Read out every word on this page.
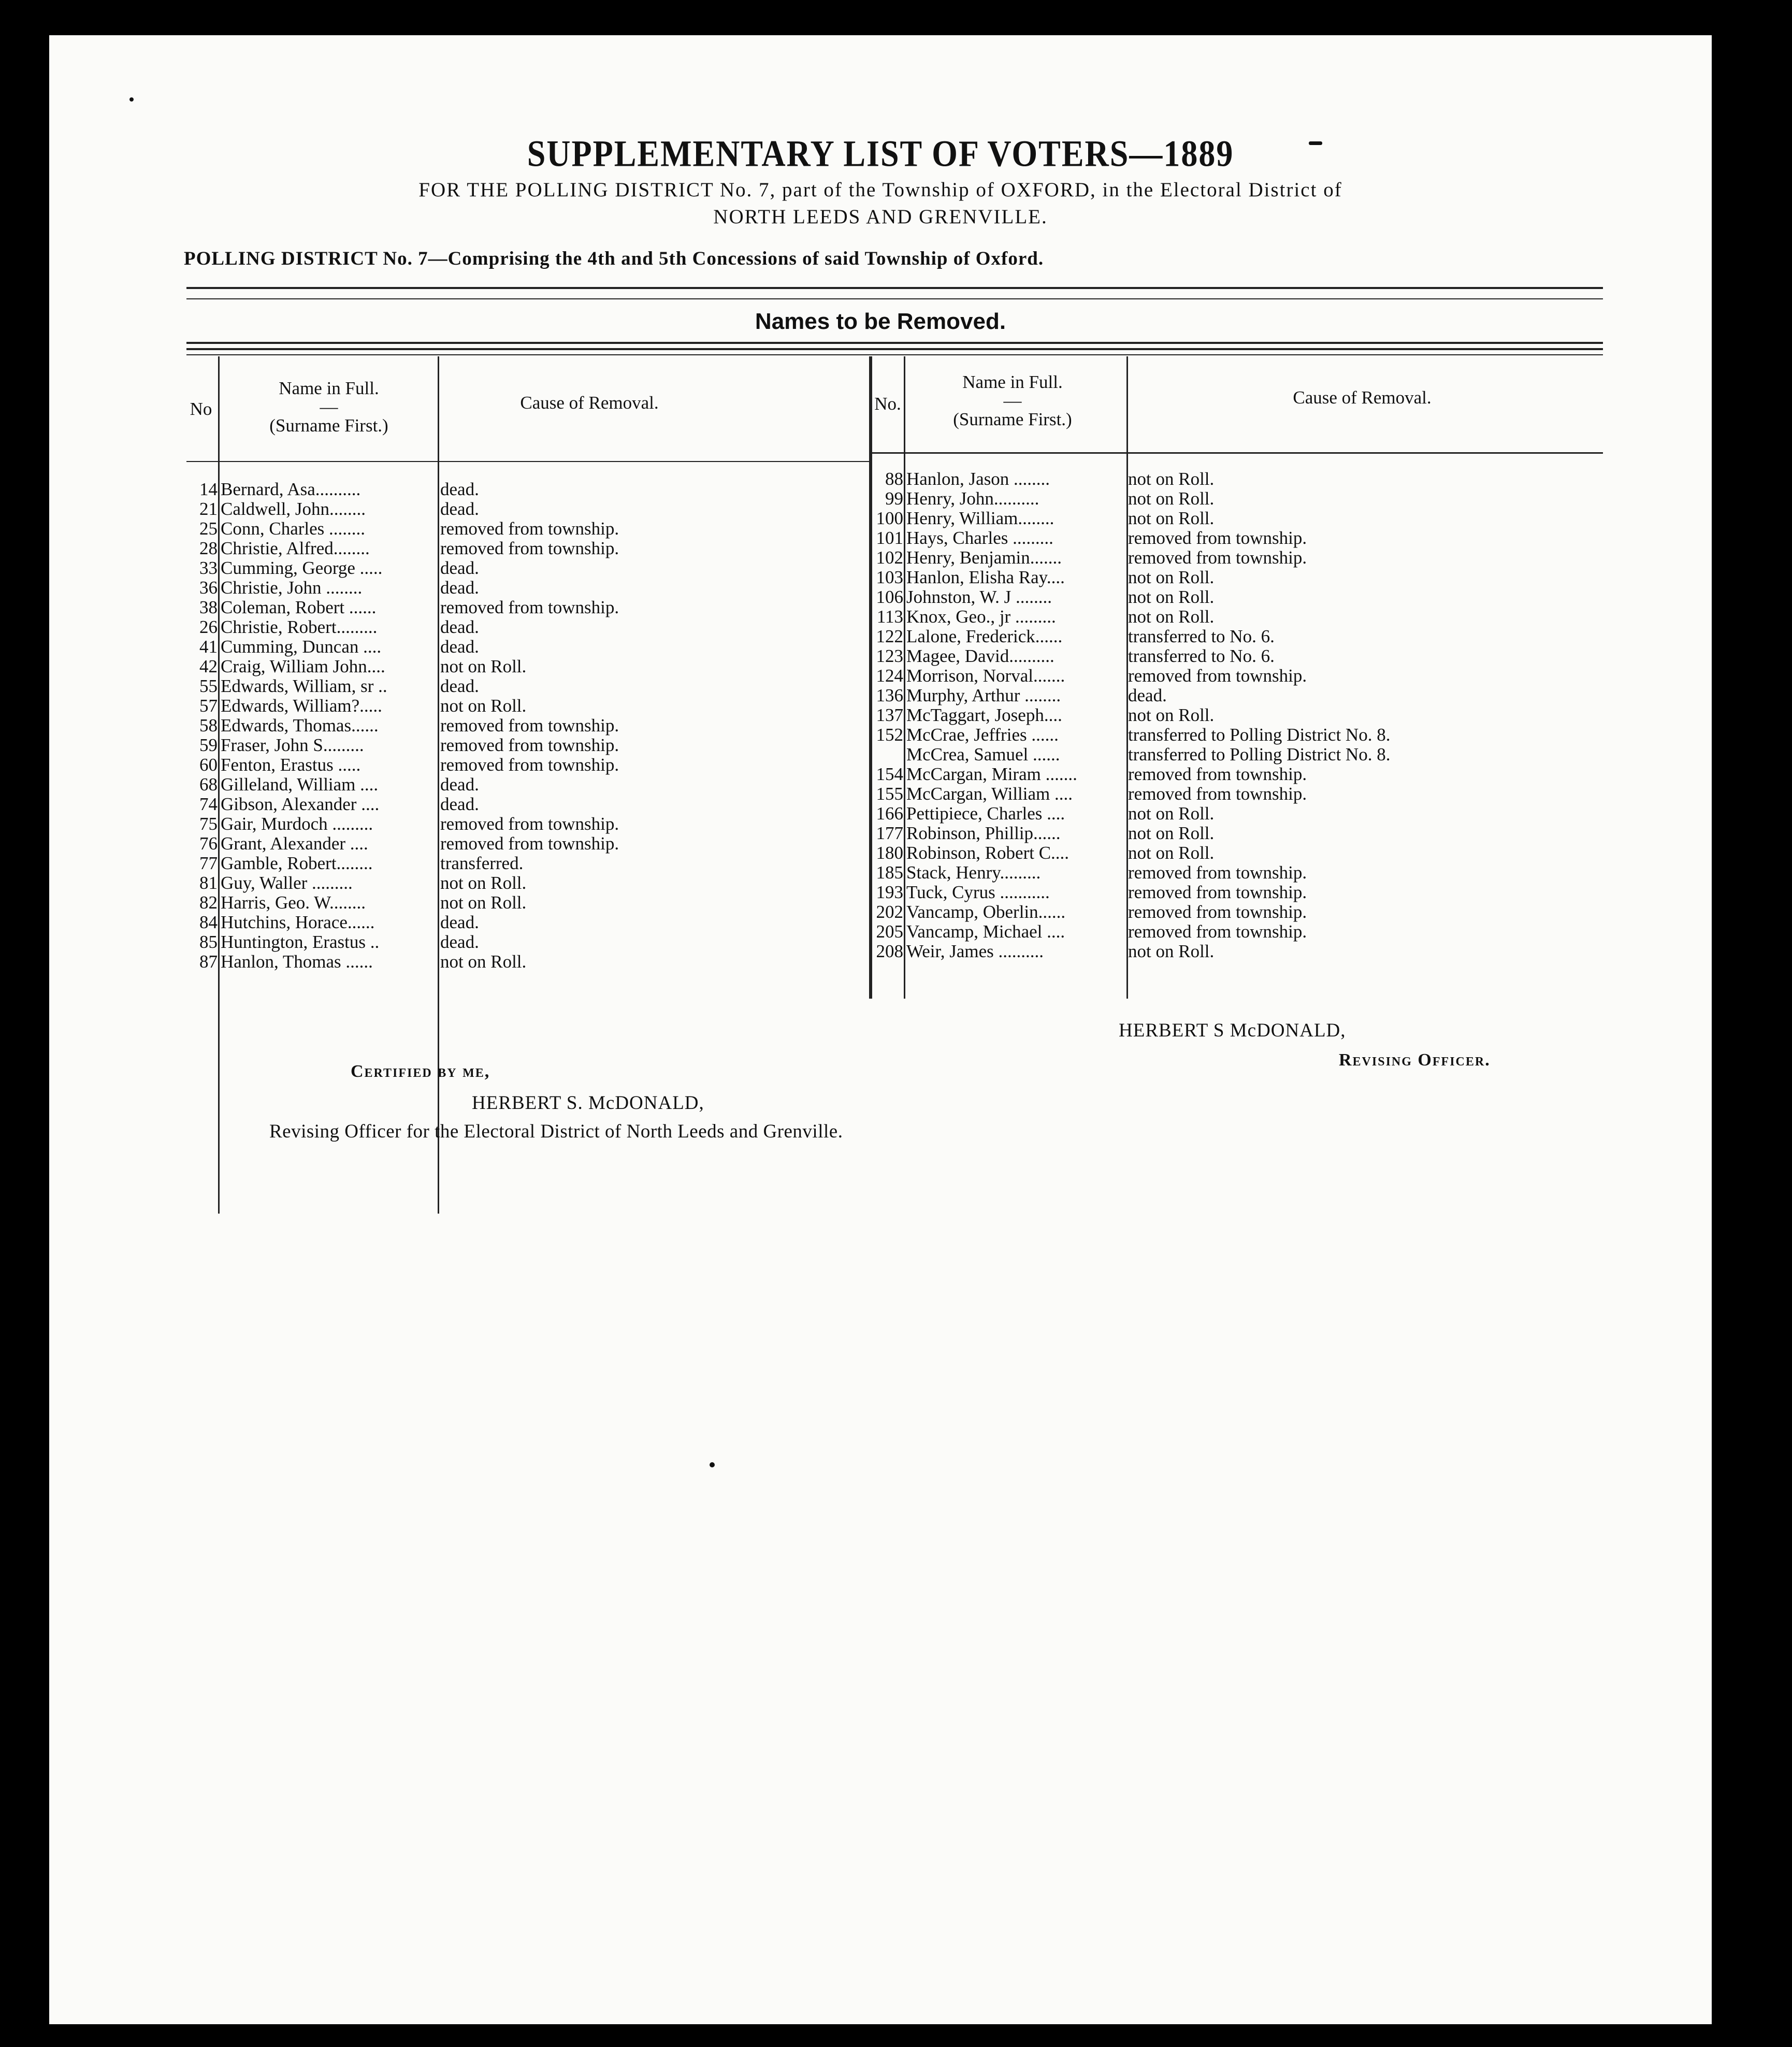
SUPPLEMENTARY LIST OF VOTERS—1889
FOR THE POLLING DISTRICT No. 7, part of the Township of OXFORD, in the Electoral District of
NORTH LEEDS AND GRENVILLE.
POLLING DISTRICT No. 7—Comprising the 4th and 5th Concessions of said Township of Oxford.
Names to be Removed.
No
Name in Full.
—
(Surname First.)
Cause of Removal.	No.
Name in Full.
—
(Surname First.)
Cause of Removal.
14 Bernard, Asa..........	dead.
21 Caldwell, John........	dead.
25 Conn, Charles ........	removed from township.
28 Christie, Alfred........	removed from township.
33 Cumming, George .....	dead.
36 Christie, John ........	dead.
38 Coleman, Robert ......	removed from township.
26 Christie, Robert.........	dead.
41 Cumming, Duncan ....	dead.
42 Craig, William John....	not on Roll.
55 Edwards, William, sr ..	dead.
57 Edwards, William?.....	not on Roll.
58 Edwards, Thomas......	removed from township.
59 Fraser, John S.........	removed from township.
60 Fenton, Erastus .....	removed from township.
68 Gilleland, William ....	dead.
74 Gibson, Alexander ....	dead.
75 Gair, Murdoch .........	removed from township.
76 Grant, Alexander ....	removed from township.
77 Gamble, Robert........	transferred.
81 Guy, Waller .........	not on Roll.
82 Harris, Geo. W........	not on Roll.
84 Hutchins, Horace......	dead.
85 Huntington, Erastus ..	dead.
87 Hanlon, Thomas ......	not on Roll.
88 Hanlon, Jason ........	not on Roll.
99 Henry, John..........	not on Roll.
100 Henry, William........	not on Roll.
101 Hays, Charles .........	removed from township.
102 Henry, Benjamin.......	removed from township.
103 Hanlon, Elisha Ray....	not on Roll.
106 Johnston, W. J ........	not on Roll.
113 Knox, Geo., jr .........	not on Roll.
122 Lalone, Frederick......	transferred to No. 6.
123 Magee, David..........	transferred to No. 6.
124 Morrison, Norval.......	removed from township.
136 Murphy, Arthur ........	dead.
137 McTaggart, Joseph....	not on Roll.
152 McCrae, Jeffries ......	transferred to Polling District No. 8.
McCrea, Samuel ......	transferred to Polling District No. 8.
154 McCargan, Miram .......	removed from township.
155 McCargan, William ....	removed from township.
166 Pettipiece, Charles ....	not on Roll.
177 Robinson, Phillip......	not on Roll.
180 Robinson, Robert C....	not on Roll.
185 Stack, Henry.........	removed from township.
193 Tuck, Cyrus ...........	removed from township.
202 Vancamp, Oberlin......	removed from township.
205 Vancamp, Michael ....	removed from township.
208 Weir, James ..........	not on Roll.
HERBERT S McDONALD,
Revising Officer.
Certified by me,
HERBERT S. McDONALD,
Revising Officer for the Electoral District of North Leeds and Grenville.
